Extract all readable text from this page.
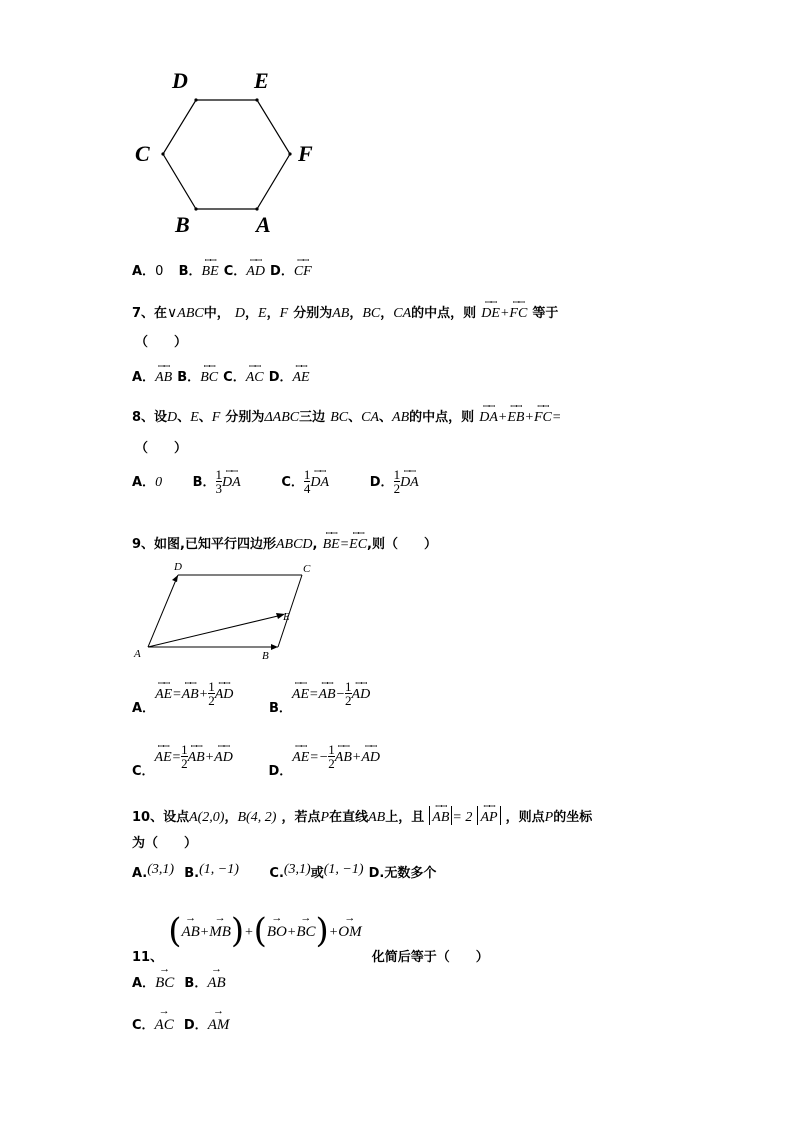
D	E
C	F
B	A
A．0 B．ꟷꟷ BE C．ꟷꟷ AD D．ꟷꟷ CF
7、在∨ABC中， D，E，F 分别为AB，BC，CA的中点，则 ꟷꟷ DE+ꟷꟷ FC 等于
（　　）
A．ꟷꟷ AB B．ꟷꟷ BC C．ꟷꟷ AC D．ꟷꟷ AE
8、设D、E、F 分别为ΔABC三边 BC、CA、AB的中点，则 ꟷꟷ DA+ꟷꟷ EB+ꟷꟷ FC=
（　　）
A．0 B． $\frac{1}{3}$ ꟷꟷ DA	C． $\frac{1}{4}$ ꟷꟷ DA	D． $\frac{1}{2}$ ꟷꟷ DA
9、如图,已知平行四边形ABCD, ꟷꟷ BE=ꟷꟷ EC,则（　　）
D	C
E
A	B
$_{A.}$ꟷꟷ AE=ꟷꟷ $AB+ \frac{1}{2}$ ꟷꟷ AD       $_{B.}$ꟷꟷ AE=ꟷꟷ $AB- \frac{1}{2}$ ꟷꟷ AD
$_{C.}$ꟷꟷ $AE= \frac{1}{2}$ ꟷꟷ AB+ꟷꟷ AD       $_{D.}$ꟷꟷ $AE=- \frac{1}{2}$ ꟷꟷ AB+ꟷꟷ AD
10、设点A(2,0)，B(4, 2) ，若点P在直线AB上，且 ꟷꟷ AB = 2 ꟷꟷ AP ，则点P的坐标
为（　　）
A.(3,1) B.(1, −1) C.(3,1)或(1, −1) D.无数多个
$_{11、}$ (→ AB+→ MB)+(→ BO+→ BC)+→ OM  $_{化简后等于( )}$
A．→ BC B．→ AB
C．→ AC D．→ AM
